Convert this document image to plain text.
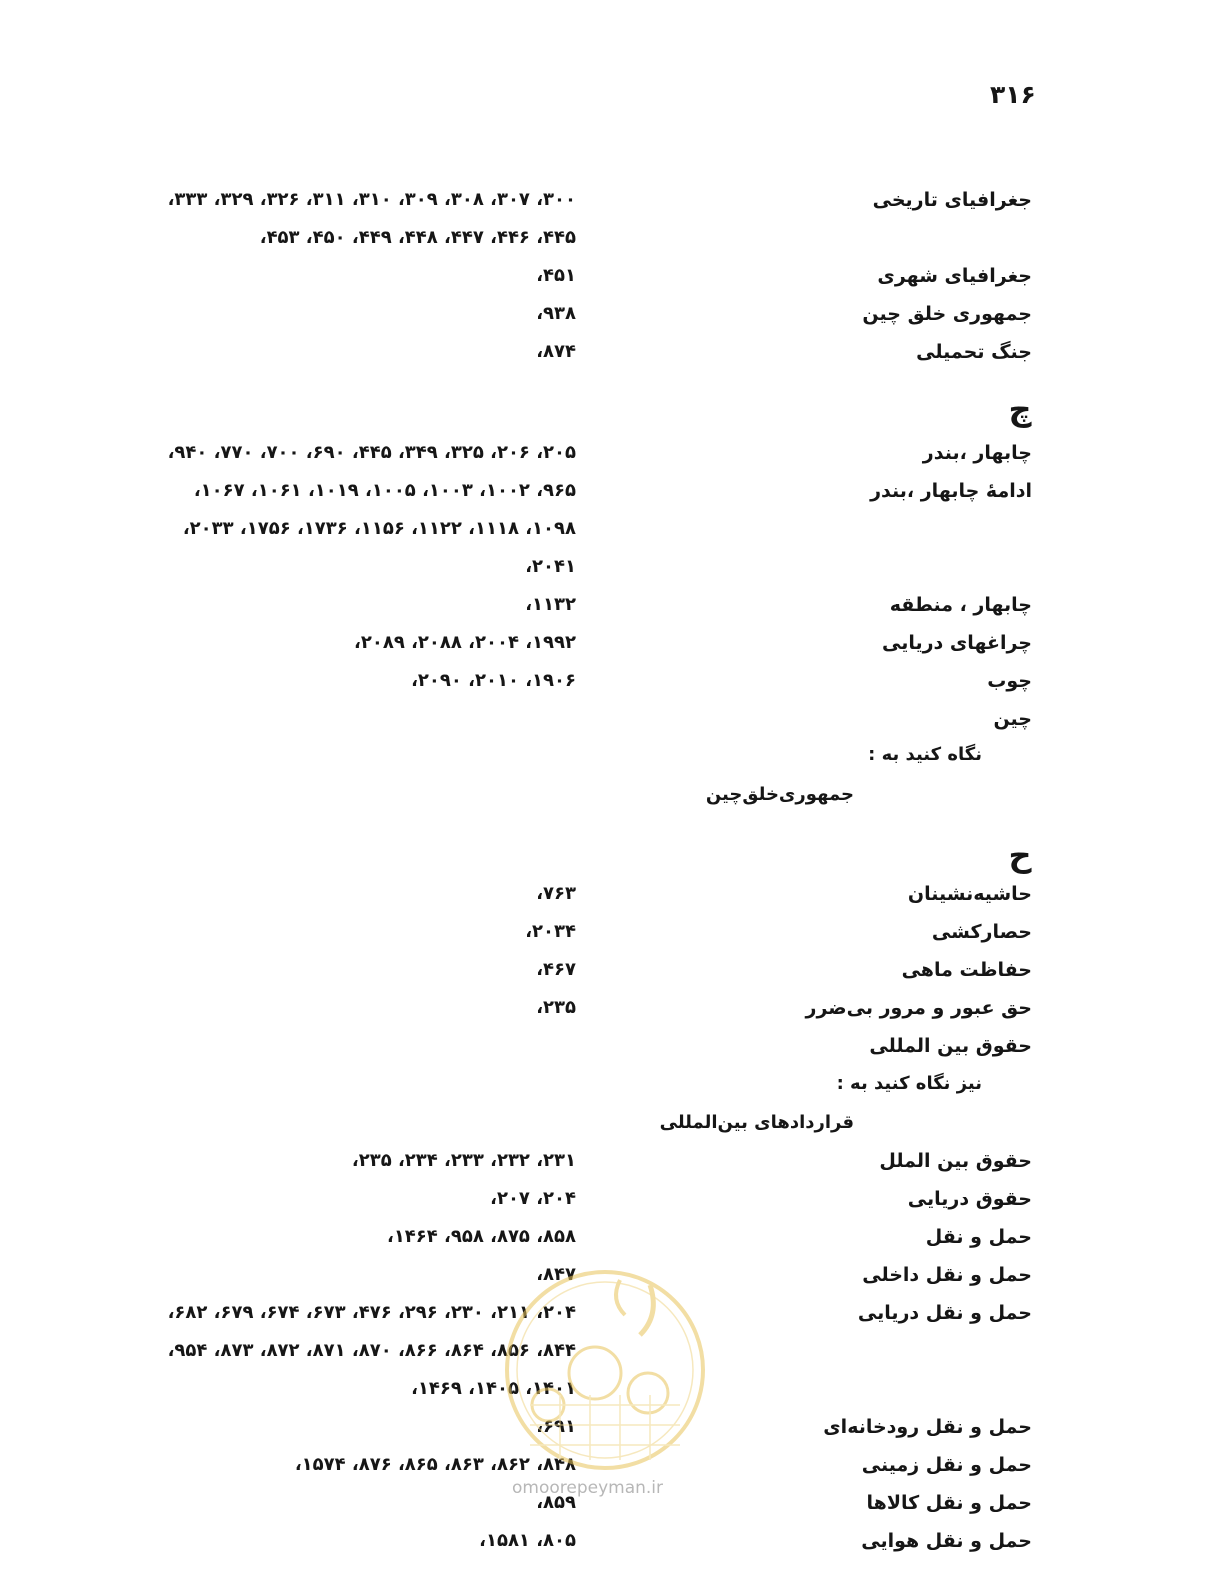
۳۱۶
جغرافیای تاریخی
۳۰۰، ۳۰۷، ۳۰۸، ۳۰۹، ۳۱۰، ۳۱۱، ۳۲۶، ۳۲۹، ۳۳۳،
۴۴۵، ۴۴۶، ۴۴۷، ۴۴۸، ۴۴۹، ۴۵۰، ۴۵۳،
جغرافیای شهری
۴۵۱،
جمهوری خلق چین
۹۳۸،
جنگ تحمیلی
۸۷۴،
چ
چابهار ،بندر
۲۰۵، ۲۰۶، ۳۲۵، ۳۴۹، ۴۴۵، ۶۹۰، ۷۰۰، ۷۷۰، ۹۴۰،
ادامهٔ چابهار ،بندر
۹۶۵، ۱۰۰۲، ۱۰۰۳، ۱۰۰۵، ۱۰۱۹، ۱۰۶۱، ۱۰۶۷،
۱۰۹۸، ۱۱۱۸، ۱۱۲۲، ۱۱۵۶، ۱۷۳۶، ۱۷۵۶، ۲۰۳۳،
۲۰۴۱،
چابهار ، منطقه
۱۱۳۲،
چراغهای دریایی
۱۹۹۲، ۲۰۰۴، ۲۰۸۸، ۲۰۸۹،
چوب
۱۹۰۶، ۲۰۱۰، ۲۰۹۰،
چین
نگاه کنید به :
جمهوری‌خلق‌چین
ح
حاشیه‌نشینان
۷۶۳،
حصارکشی
۲۰۳۴،
حفاظت ماهی
۴۶۷،
حق عبور و مرور بی‌ضرر
۲۳۵،
حقوق بین المللی
نیز نگاه کنید به :
قراردادهای بین‌المللی
حقوق بین الملل
۲۳۱، ۲۳۲، ۲۳۳، ۲۳۴، ۲۳۵،
حقوق دریایی
۲۰۴، ۲۰۷،
حمل و نقل
۸۵۸، ۸۷۵، ۹۵۸، ۱۴۶۴،
حمل و نقل داخلی
۸۴۷،
حمل و نقل دریایی
۲۰۴، ۲۱۱، ۲۳۰، ۲۹۶، ۴۷۶، ۶۷۳، ۶۷۴، ۶۷۹، ۶۸۲،
۸۴۴، ۸۵۶، ۸۶۴، ۸۶۶، ۸۷۰، ۸۷۱، ۸۷۲، ۸۷۳، ۹۵۴،
۱۴۰۱، ۱۴۰۵، ۱۴۶۹،
حمل و نقل رودخانه‌ای
۶۹۱،
حمل و نقل زمینی
۸۴۸، ۸۶۲، ۸۶۳، ۸۶۵، ۸۷۶، ۱۵۷۴،
حمل و نقل کالاها
۸۵۹،
حمل و نقل هوایی
۸۰۵، ۱۵۸۱،
omoorepeyman.ir
